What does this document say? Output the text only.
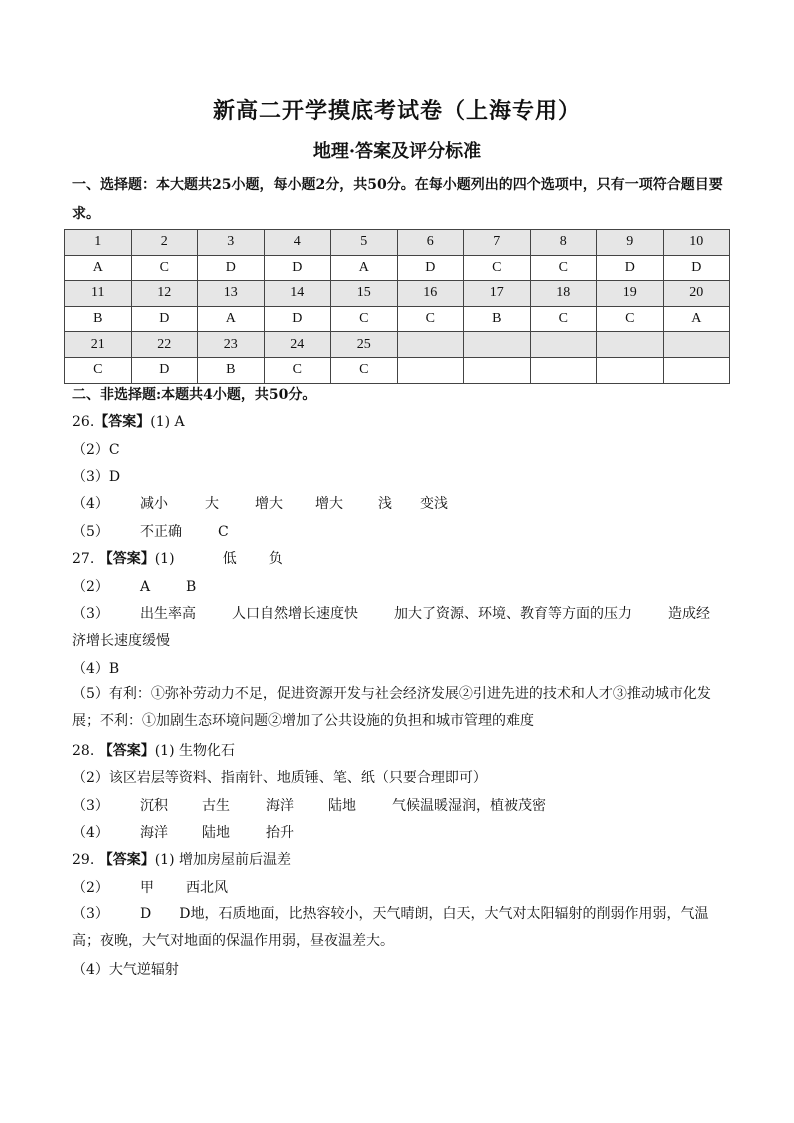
新高二开学摸底考试卷（上海专用）
地理·答案及评分标准
一、选择题：本大题共25小题，每小题2分，共50分。在每小题列出的四个选项中，只有一项符合题目要求。
1	2	3	4	5	6	7	8	9	10
A	C	D	D	A	D	C	C	D	D
11	12	13	14	15	16	17	18	19	20
B	D	A	D	C	C	B	C	C	A
21	22	23	24	25					
C	D	B	C	C					
二、非选择题:本题共4小题，共50分。
26.【答案】(1) A
（2）C
（3）D
（4） 减小	大	增大 增大	浅 变浅
（5） 不正确	C
27. 【答案】(1)	低 负
（2） A	B
（3） 出生率高	人口自然增长速度快	加大了资源、环境、教育等方面的压力	造成经
济增长速度缓慢
（4）B
（5）有利：①弥补劳动力不足，促进资源开发与社会经济发展②引进先进的技术和人才③推动城市化发展；不利：①加剧生态环境问题②增加了公共设施的负担和城市管理的难度
28. 【答案】(1) 生物化石
（2）该区岩层等资料、指南针、地质锤、笔、纸（只要合理即可）
（3） 沉积 古生	海洋 陆地	气候温暖湿润，植被茂密
（4） 海洋 陆地	抬升
29. 【答案】(1) 增加房屋前后温差
（2） 甲 西北风
（3） D　　D地，石质地面，比热容较小，天气晴朗，白天，大气对太阳辐射的削弱作用弱，气温高；夜晚，大气对地面的保温作用弱，昼夜温差大。
（4）大气逆辐射
